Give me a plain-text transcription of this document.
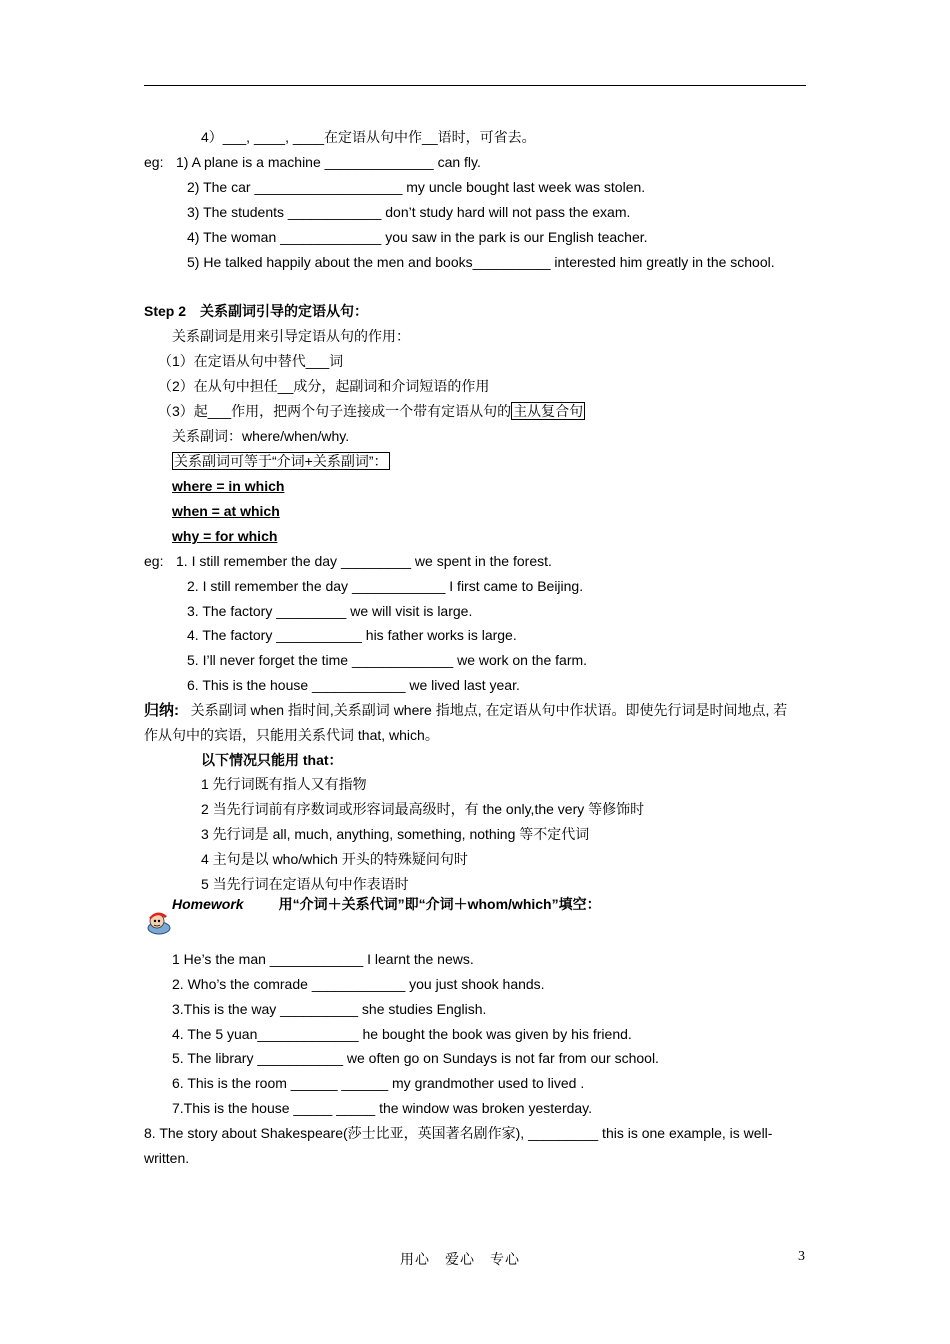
4）___, ____, ____在定语从句中作__语时，可省去。
eg: 1) A plane is a machine ______________ can fly.
2) The car ___________________ my uncle bought last week was stolen.
3) The students ____________ don’t study hard will not pass the exam.
4) The woman _____________ you saw in the park is our English teacher.
5) He talked happily about the men and books__________ interested him greatly in the school.
Step 2　关系副词引导的定语从句：
关系副词是用来引导定语从句的作用：
（1）在定语从句中替代___词
（2）在从句中担任__成分，起副词和介词短语的作用
（3）起___作用，把两个句子连接成一个带有定语从句的 主从复合句
关系副词：where/when/why.
关系副词可等于“介词+关系副词”：
where = in which
when = at which
why = for which
eg: 1. I still remember the day _________ we spent in the forest.
2. I still remember the day ____________ I first came to Beijing.
3. The factory _________ we will visit is large.
4. The factory ___________ his father works is large.
5. I’ll never forget the time _____________ we work on the farm.
6. This is the house ____________ we lived last year.
归纳: 关系副词 when 指时间,关系副词 where 指地点, 在定语从句中作状语。即使先行词是时间地点, 若
作从句中的宾语，只能用关系代词 that, which。
以下情况只能用 that：
1 先行词既有指人又有指物
2 当先行词前有序数词或形容词最高级时，有 the only,the very 等修饰时
3 先行词是 all, much, anything, something, nothing 等不定代词
4 主句是以 who/which 开头的特殊疑问句时
5 当先行词在定语从句中作表语时
Homework	用“介词＋关系代词”即“介词＋whom/which”填空：
1 He’s the man ____________ I learnt the news.
2. Who’s the comrade ____________ you just shook hands.
3.This is the way __________ she studies English.
4. The 5 yuan_____________ he bought the book was given by his friend.
5. The library ___________ we often go on Sundays is not far from our school.
6. This is the room ______ ______ my grandmother used to lived .
7.This is the house _____ _____ the window was broken yesterday.
8. The story about Shakespeare(莎士比亚，英国著名剧作家), _________ this is one example, is well-
written.
用心　爱心　专心	3
